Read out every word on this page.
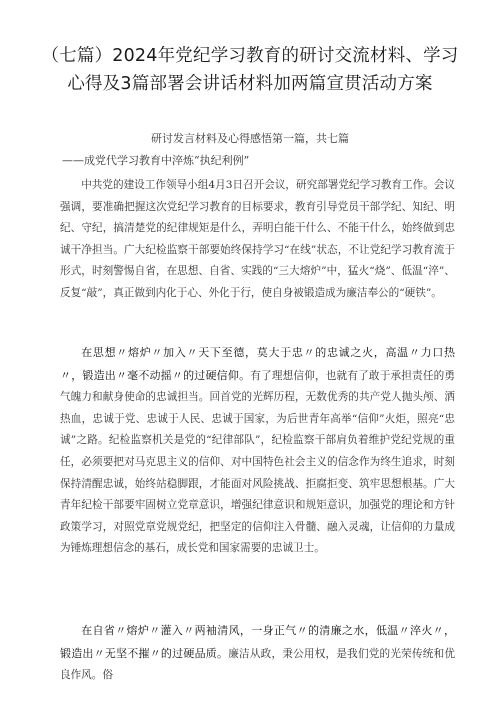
（七篇）2024年党纪学习教育的研讨交流材料、学习
心得及3篇部署会讲话材料加两篇宣贯活动方案
研讨发言材料及心得感悟第一篇，共七篇
——成党代学习教育中淬炼“执纪利例”

中共党的建设工作领导小组4月3日召开会议，研究部署党纪学习教育工作。会议强调，要准确把握这次党纪学习教育的目标要求，教育引导党员干部学纪、知纪、明纪、守纪，搞清楚党的纪律规矩是什么，弄明白能干什么、不能干什么，始终做到忠诚干净担当。广大纪检监察干部要始终保持学习“在线”状态，不让党纪学习教育流于形式，时刻警惕自省，在思想、自省、实践的“三大熔炉”中，猛火“烧”、低温“淬”、反复“敲”，真正做到内化于心、外化于行，使自身被锻造成为廉洁奉公的“硬铁”。

在思想〃熔炉〃加入〃天下至德，莫大于忠〃的忠诚之火，高温〃力口热〃，锻造出〃毫不动摇〃的过硬信仰。有了理想信仰，也就有了敢于承担责任的勇气魄力和献身使命的忠诚担当。回首党的光辉历程，无数优秀的共产党人抛头颅、洒热血，忠诚于党、忠诚于人民、忠诚于国家，为后世青年高举“信仰”火炬，照亮“忠诚”之路。纪检监察机关是党的“纪律部队”，纪检监察干部肩负着维护党纪党规的重任，必须要把对马克思主义的信仰、对中国特色社会主义的信念作为终生追求，时刻保持清醒忠诚，始终站稳脚跟，才能面对风险挑战、拒腐拒变、筑牢思想根基。广大青年纪检干部要牢固树立党章意识，增强纪律意识和规矩意识，加强党的理论和方针政策学习，对照党章党规党纪，把坚定的信仰注入骨髓、融入灵魂，让信仰的力量成为锤炼理想信念的基石，成长党和国家需要的忠诚卫士。

在自省〃熔炉〃灌入〃两袖清风，一身正气〃的清廉之水，低温〃淬火〃，锻造出〃无坚不摧〃的过硬品质。廉洁从政，秉公用权，是我们党的光荣传统和优良作风。俗
